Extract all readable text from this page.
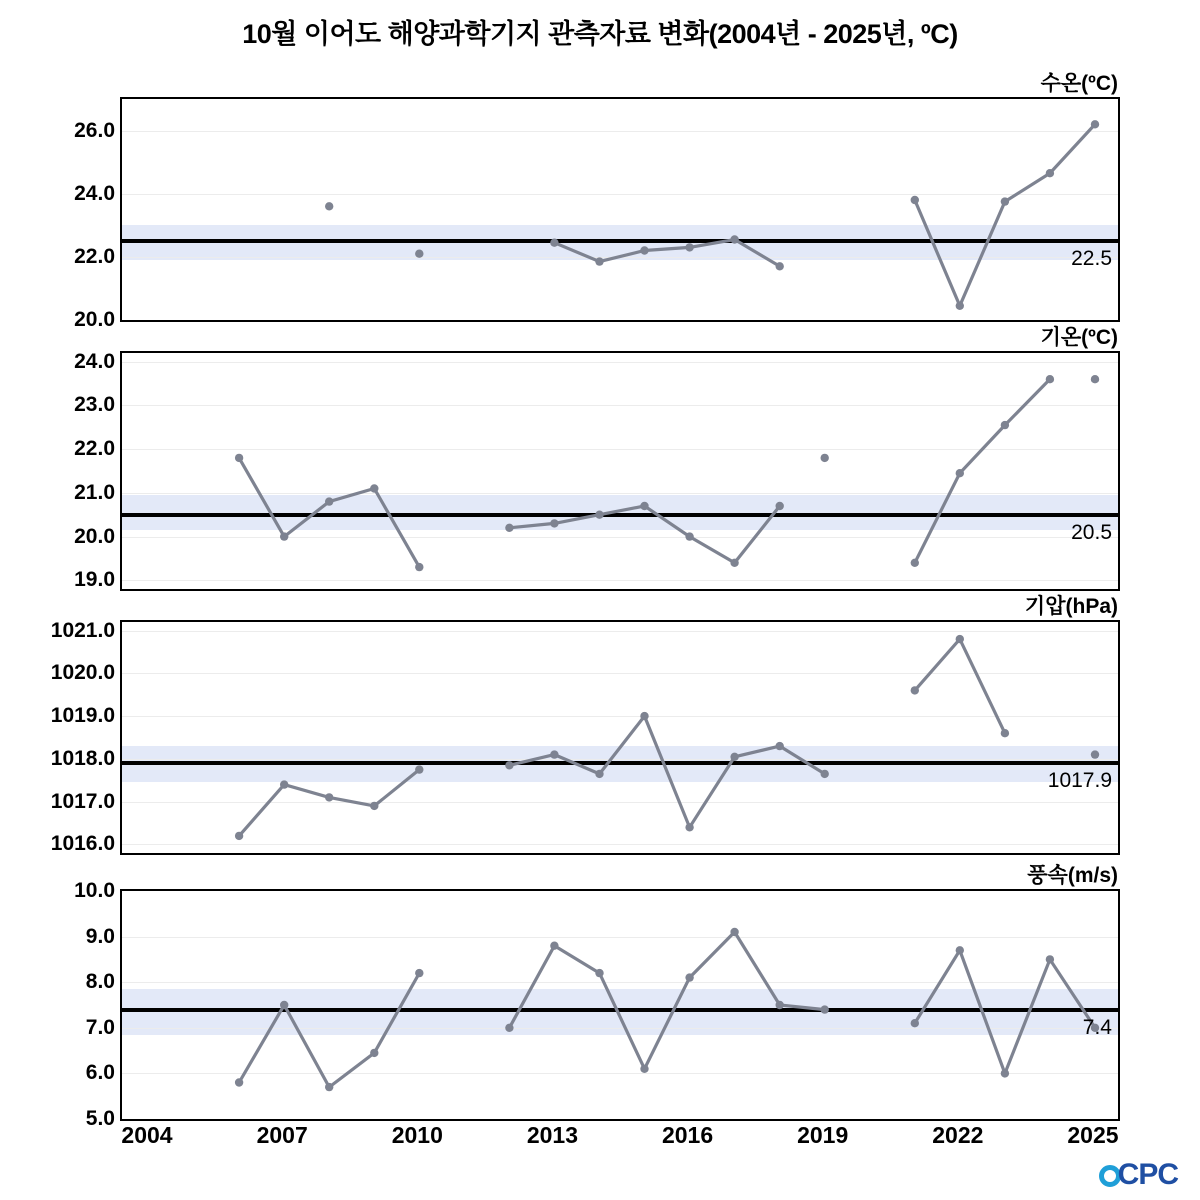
10월 이어도 해양과학기지 관측자료 변화(2004년 - 2025년, ºC)
수온(ºC)
22.5
20.0
22.0
24.0
26.0
기온(ºC)
20.5
19.0
20.0
21.0
22.0
23.0
24.0
기압(hPa)
1017.9
1016.0
1017.0
1018.0
1019.0
1020.0
1021.0
풍속(m/s)
7.4
5.0
6.0
7.0
8.0
9.0
10.0
2004	2007	2010	2013	2016	2019	2022	2025
CPC
